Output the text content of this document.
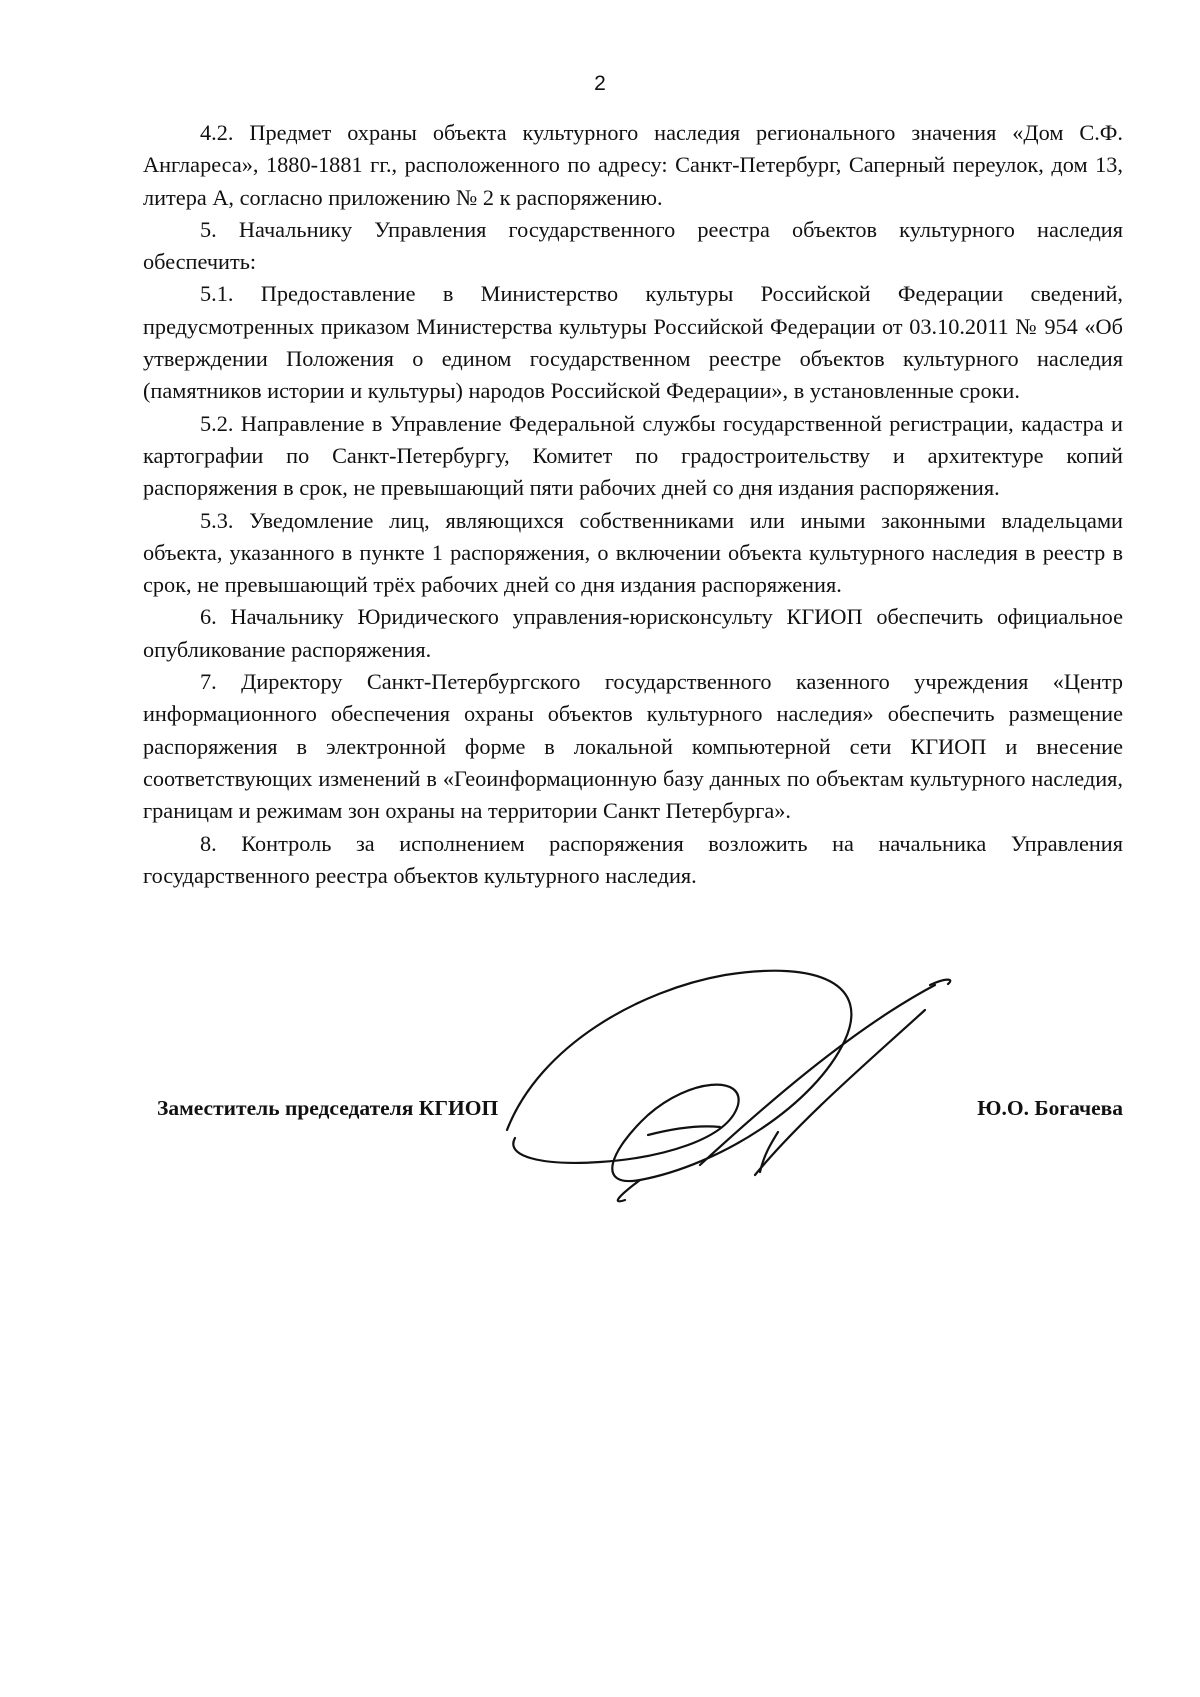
2

4.2. Предмет охраны объекта культурного наследия регионального значения «Дом С.Ф. Англареса», 1880-1881 гг., расположенного по адресу: Санкт-Петербург, Саперный переулок, дом 13, литера А, согласно приложению № 2 к распоряжению.

5. Начальнику Управления государственного реестра объектов культурного наследия обеспечить:

5.1. Предоставление в Министерство культуры Российской Федерации сведений, предусмотренных приказом Министерства культуры Российской Федерации от 03.10.2011 № 954 «Об утверждении Положения о едином государственном реестре объектов культурного наследия (памятников истории и культуры) народов Российской Федерации», в установленные сроки.

5.2. Направление в Управление Федеральной службы государственной регистрации, кадастра и картографии по Санкт-Петербургу, Комитет по градостроительству и архитектуре копий распоряжения в срок, не превышающий пяти рабочих дней со дня издания распоряжения.

5.3. Уведомление лиц, являющихся собственниками или иными законными владельцами объекта, указанного в пункте 1 распоряжения, о включении объекта культурного наследия в реестр в срок, не превышающий трёх рабочих дней со дня издания распоряжения.

6. Начальнику Юридического управления-юрисконсульту КГИОП обеспечить официальное опубликование распоряжения.

7. Директору Санкт-Петербургского государственного казенного учреждения «Центр информационного обеспечения охраны объектов культурного наследия» обеспечить размещение распоряжения в электронной форме в локальной компьютерной сети КГИОП и внесение соответствующих изменений в «Геоинформационную базу данных по объектам культурного наследия, границам и режимам зон охраны на территории Санкт Петербурга».

8. Контроль за исполнением распоряжения возложить на начальника Управления государственного реестра объектов культурного наследия.

Заместитель председателя КГИОП	Ю.О. Богачева
